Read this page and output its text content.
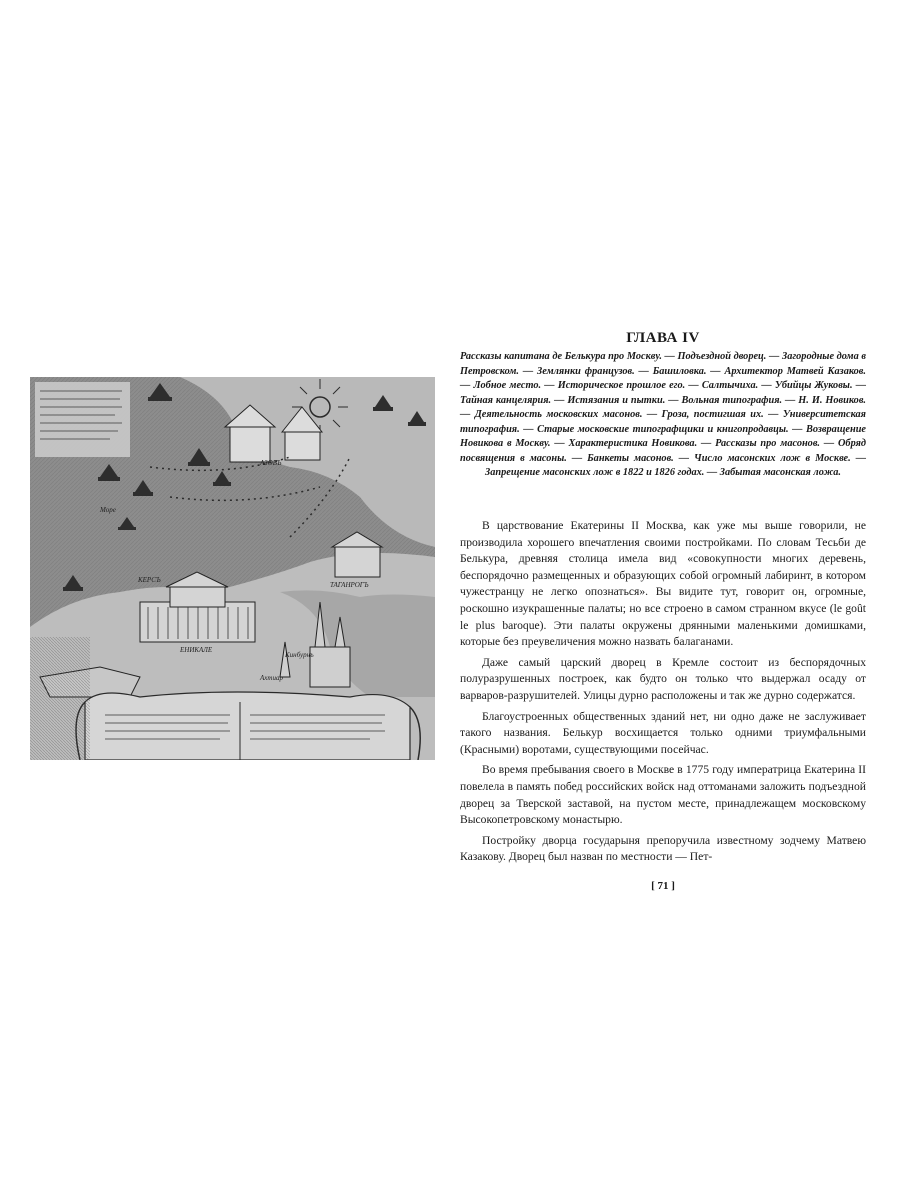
Море
КЕРСЪ
АЗОВЪ
ЕНИКАЛЕ
ТАГАНРОГЪ
Кинбурнъ
Ахтиар
ГЛАВА IV

Рассказы капитана де Белькура про Москву. — Подъездной дворец. — Загородные дома в Петровском. — Землянки французов. — Башиловка. — Архитектор Матвей Казаков. — Лобное место. — Историческое прошлое его. — Салтычиха. — Убийцы Жуковы. — Тайная канцелярия. — Истязания и пытки. — Вольная типография. — Н. И. Новиков. — Деятельность московских масонов. — Гроза, постигшая их. — Университетская типография. — Старые московские типографщики и книгопродавцы. — Возвращение Новикова в Москву. — Характеристика Новикова. — Рассказы про масонов. — Обряд посвящения в масоны. — Банкеты масонов. — Число масонских лож в Москве. — Запрещение масонских лож в 1822 и 1826 годах. — Забытая масонская ложа.

В царствование Екатерины II Москва, как уже мы выше говорили, не производила хорошего впечатления своими постройками. По словам Тесьби де Белькура, древняя столица имела вид «совокупности многих деревень, беспорядочно размещенных и образующих собой огромный лабиринт, в котором чужестранцу не легко опознаться». Вы видите тут, говорит он, огромные, роскошно изукрашенные палаты; но все строено в самом странном вкусе (le goût le plus baroque). Эти палаты окружены дрянными маленькими домишками, которые без преувеличения можно назвать балаганами.

Даже самый царский дворец в Кремле состоит из беспорядочных полуразрушенных построек, как будто он только что выдержал осаду от варваров-разрушителей. Улицы дурно расположены и так же дурно содержатся.

Благоустроенных общественных зданий нет, ни одно даже не заслуживает такого названия. Белькур восхищается только одними триумфальными (Красными) воротами, существующими посейчас.

Во время пребывания своего в Москве в 1775 году императрица Екатерина II повелела в память побед российских войск над оттоманами заложить подъездной дворец за Тверской заставой, на пустом месте, принадлежащем московскому Высокопетровскому монастырю.

Постройку дворца государыня препоручила известному зодчему Матвею Казакову. Дворец был назван по местности — Пет-

[ 71 ]
